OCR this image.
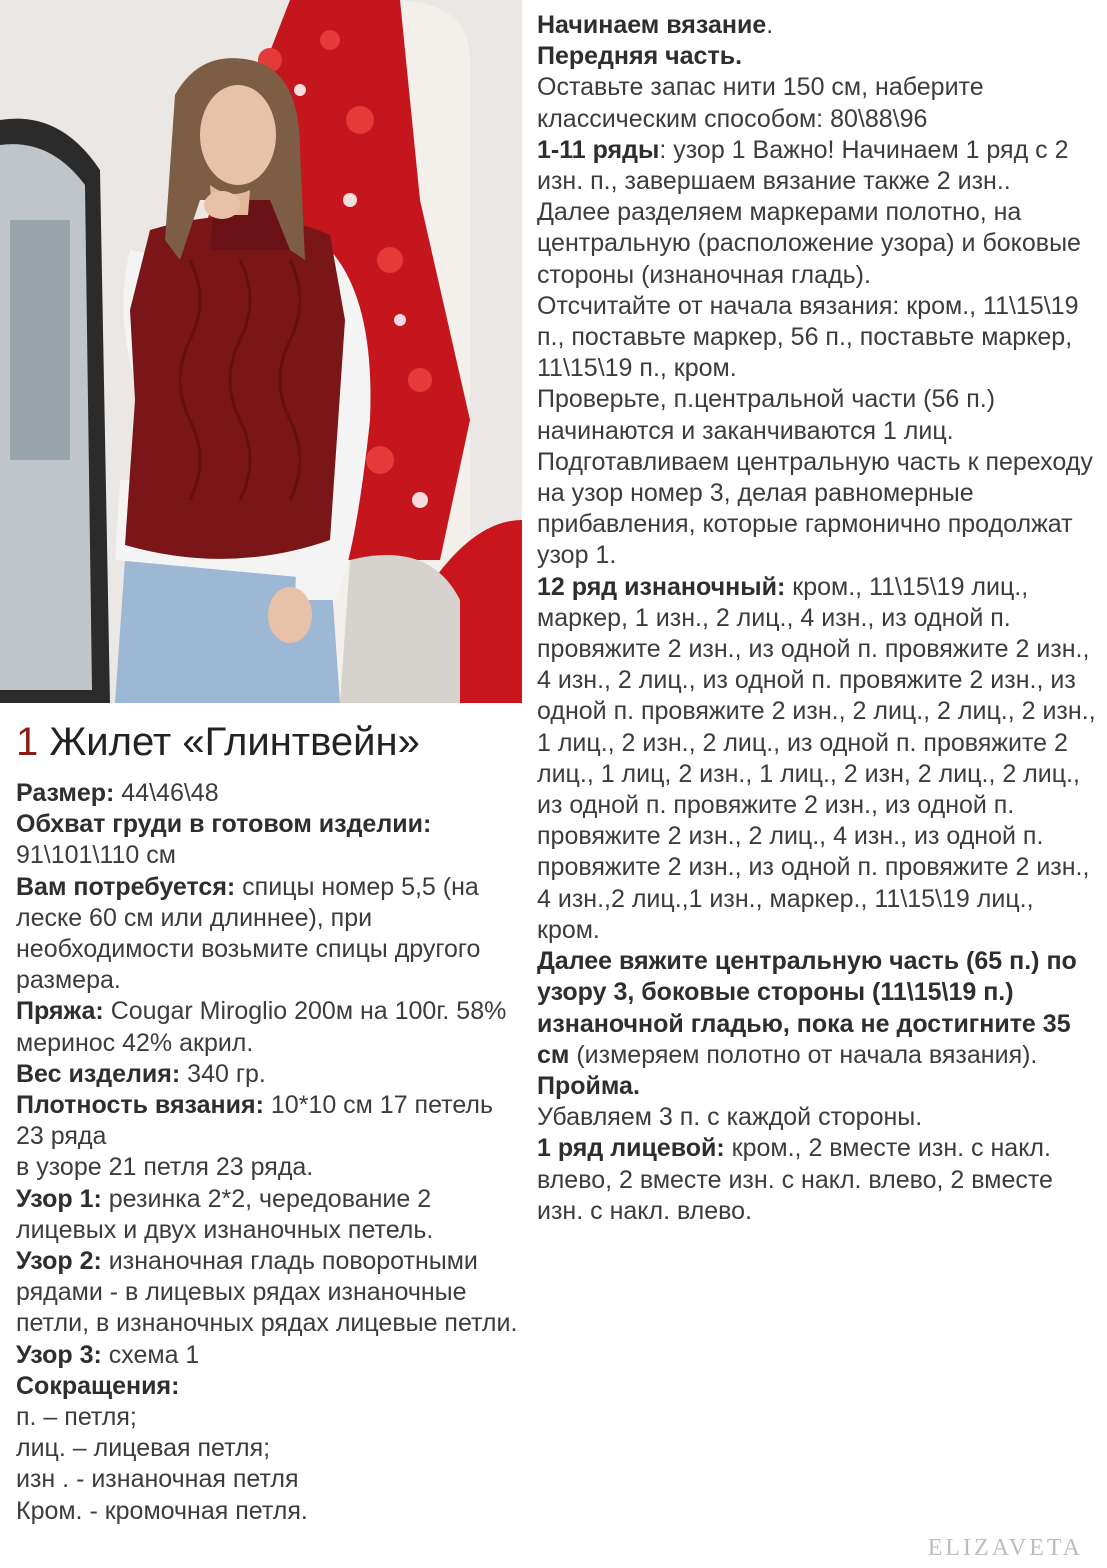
1 Жилет «Глинтвейн»

Размер: 44\46\48

Обхват груди в готовом изделии: 91\101\110 см

Вам потребуется: спицы номер 5,5 (на леске 60 см или длиннее), при необходимости возьмите спицы другого размера.

Пряжа: Cougar Miroglio 200м на 100г. 58% меринос 42% акрил.

Вес изделия: 340 гр.

Плотность вязания: 10*10 см 17 петель 23 ряда

в узоре 21 петля 23 ряда.

Узор 1: резинка 2*2, чередование 2 лицевых и двух изнаночных петель.

Узор 2: изнаночная гладь поворотными рядами - в лицевых рядах изнаночные петли, в изнаночных рядах лицевые петли.

Узор 3: схема 1

Сокращения:

п. – петля;

лиц. – лицевая петля;

изн . - изнаночная петля

Кром. - кромочная петля.

Начинаем вязание.

Передняя часть.

Оставьте запас нити 150 см, наберите классическим способом: 80\88\96

1-11 ряды: узор 1 Важно! Начинаем 1 ряд с 2 изн. п., завершаем вязание также 2 изн..

Далее разделяем маркерами полотно, на центральную (расположение узора) и боковые стороны (изнаночная гладь).

Отсчитайте от начала вязания: кром., 11\15\19 п., поставьте маркер, 56 п., поставьте маркер, 11\15\19 п., кром.

Проверьте, п.центральной части (56 п.) начинаются и заканчиваются 1 лиц.

Подготавливаем центральную часть к переходу на узор номер 3, делая равномерные прибавления, которые гармонично продолжат узор 1.

12 ряд изнаночный: кром., 11\15\19 лиц., маркер, 1 изн., 2 лиц., 4 изн., из одной п. провяжите 2 изн., из одной п. провяжите 2 изн., 4 изн., 2 лиц., из одной п. провяжите 2 изн., из одной п. провяжите 2 изн., 2 лиц., 2 лиц., 2 изн., 1 лиц., 2 изн., 2 лиц., из одной п. провяжите 2 лиц., 1 лиц, 2 изн., 1 лиц., 2 изн, 2 лиц., 2 лиц., из одной п. провяжите 2 изн., из одной п. провяжите 2 изн., 2 лиц., 4 изн., из одной п. провяжите 2 изн., из одной п. провяжите 2 изн., 4 изн.,2 лиц.,1 изн., маркер., 11\15\19 лиц., кром.

Далее вяжите центральную часть (65 п.) по узору 3, боковые стороны (11\15\19 п.) изнаночной гладью, пока не достигните 35 см (измеряем полотно от начала вязания).

Пройма.

Убавляем 3 п. с каждой стороны.

1 ряд лицевой: кром., 2 вместе изн. с накл. влево, 2 вместе изн. с накл. влево, 2 вместе изн. с накл. влево.

ELIZAVETA
